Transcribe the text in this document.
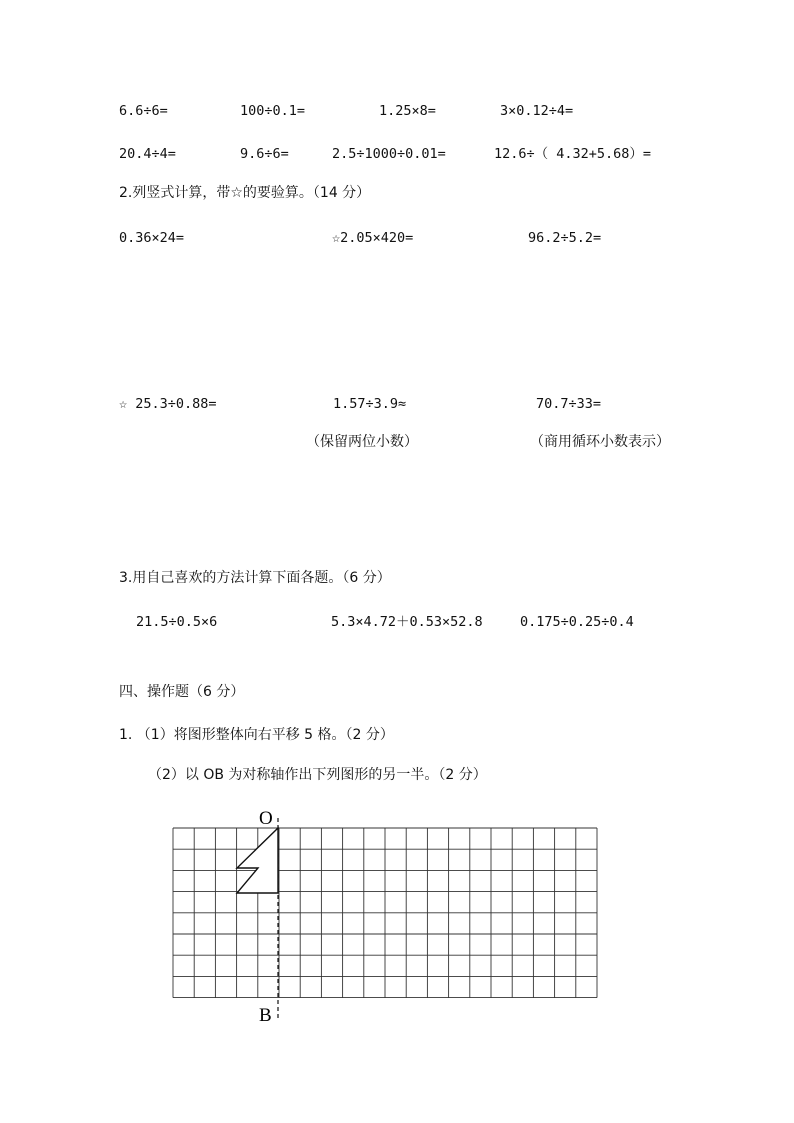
6.6÷6=	100÷0.1=	1.25×8=	3×0.12÷4=
20.4÷4=	9.6÷6=	2.5÷1000÷0.01=	12.6÷（ 4.32+5.68）=
2.列竖式计算，带☆的要验算。（14 分）
0.36×24=	☆2.05×420=	96.2÷5.2=
☆ 25.3÷0.88=	1.57÷3.9≈	70.7÷33=
（保留两位小数）	（商用循环小数表示）
3.用自己喜欢的方法计算下面各题。（6 分）
21.5÷0.5×6	5.3×4.72＋0.53×52.8	0.175÷0.25÷0.4
四、操作题（6 分）
1. （1）将图形整体向右平移 5 格。（2 分）
（2）以 OB 为对称轴作出下列图形的另一半。（2 分）
O
B
